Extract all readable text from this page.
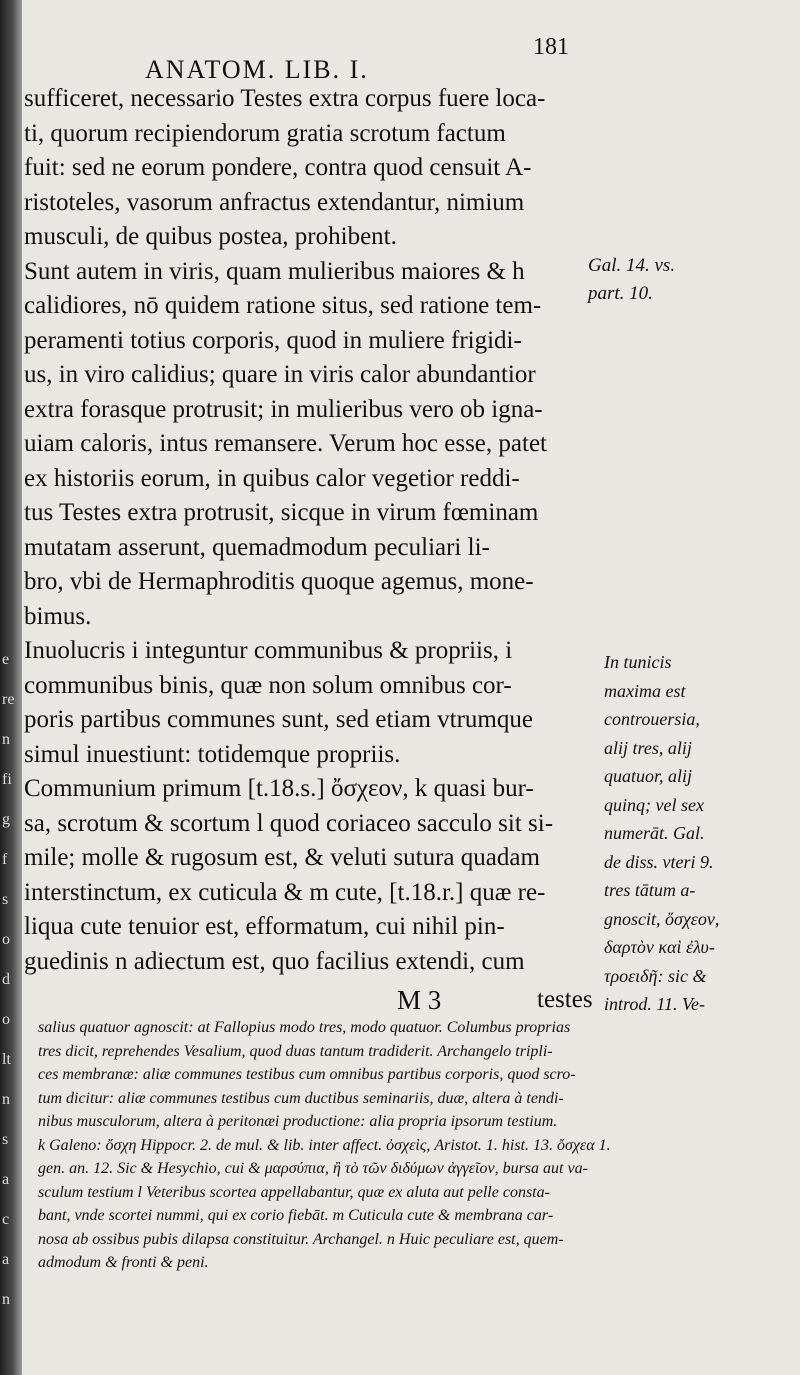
e
re
n
fi
g
f
s
o
d
o
lt
n
s
a
c
a
n
181
ANATOM. LIB. I.
sufficeret, necessario Testes extra corpus fuere loca-
ti, quorum recipiendorum gratia scrotum factum
fuit: sed ne eorum pondere, contra quod censuit A-
ristoteles, vasorum anfractus extendantur, nimium
musculi, de quibus postea, prohibent.
Sunt autem in viris, quam mulieribus maiores & h
calidiores, nō quidem ratione situs, sed ratione tem-
peramenti totius corporis, quod in muliere frigidi-
us, in viro calidius; quare in viris calor abundantior
extra forasque protrusit; in mulieribus vero ob igna-
uiam caloris, intus remansere. Verum hoc esse, patet
ex historiis eorum, in quibus calor vegetior reddi-
tus Testes extra protrusit, sicque in virum fœminam
mutatam asserunt, quemadmodum peculiari li-
bro, vbi de Hermaphroditis quoque agemus, mone-
bimus.
Inuolucris i integuntur communibus & propriis, i
communibus binis, quæ non solum omnibus cor-
poris partibus communes sunt, sed etiam vtrumque
simul inuestiunt: totidemque propriis.
Communium primum [t.18.s.] ὄσχεον, k quasi bur-
sa, scrotum & scortum l quod coriaceo sacculo sit si-
mile; molle & rugosum est, & veluti sutura quadam
interstinctum, ex cuticula & m cute, [t.18.r.] quæ re-
liqua cute tenuior est, efformatum, cui nihil pin-
guedinis n adiectum est, quo facilius extendi, cum
M 3	testes
Gal. 14. vs.
part. 10.
In tunicis
maxima est
controuersia,
alij tres, alij
quatuor, alij
quinq; vel sex
numerāt. Gal.
de diss. vteri 9.
tres tātum a-
gnoscit, ὄσχεον,
δαρτὸν καὶ ἐλυ-
τροειδῆ: sic &
introd. 11. Ve-
salius quatuor agnoscit: at Fallopius modo tres, modo quatuor. Columbus proprias
tres dicit, reprehendes Vesalium, quod duas tantum tradiderit. Archangelo tripli-
ces membranæ: aliæ communes testibus cum omnibus partibus corporis, quod scro-
tum dicitur: aliæ communes testibus cum ductibus seminariis, duæ, altera à tendi-
nibus musculorum, altera à peritonæi productione: alia propria ipsorum testium.
k Galeno: ὄσχη Hippocr. 2. de mul. & lib. inter affect. ὀσχεὶς, Aristot. 1. hist. 13. ὄσχεα 1.
gen. an. 12. Sic & Hesychio, cui & μαρσύπια, ἢ τὸ τῶν διδύμων ἀγγεῖον, bursa aut va-
sculum testium l Veteribus scortea appellabantur, quæ ex aluta aut pelle consta-
bant, vnde scortei nummi, qui ex corio fiebāt. m Cuticula cute & membrana car-
nosa ab ossibus pubis dilapsa constituitur. Archangel. n Huic peculiare est, quem-
admodum & fronti & peni.
